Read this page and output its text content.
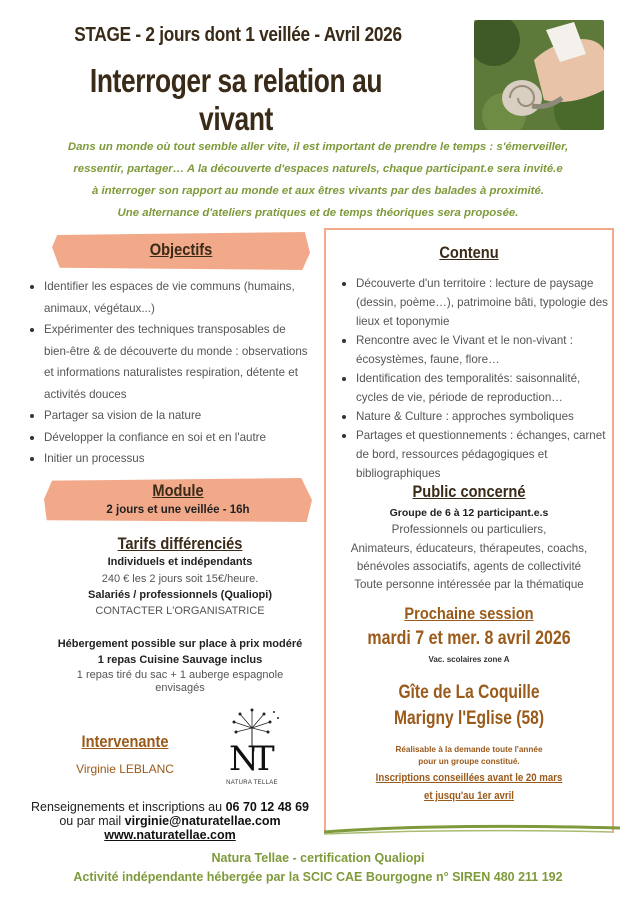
STAGE - 2 jours dont 1 veillée - Avril 2026
Interroger sa relation au vivant
Dans un monde où tout semble aller vite, il est important de prendre le temps : s'émerveiller,
ressentir, partager… A la découverte d'espaces naturels, chaque participant.e sera invité.e
à interroger son rapport au monde et aux êtres vivants par des balades à proximité.
Une alternance d'ateliers pratiques et de temps théoriques sera proposée.
Objectifs
Identifier les espaces de vie communs (humains, animaux, végétaux...)
Expérimenter des techniques transposables de bien-être & de découverte du monde : observations et informations naturalistes respiration, détente et activités douces
Partager sa vision de la nature
Développer la confiance en soi et en l'autre
Initier un processus
Module
2 jours et une veillée - 16h
Tarifs différenciés
Individuels et indépendants
240 € les 2 jours soit 15€/heure.
Salariés / professionnels (Qualiopi)
CONTACTER L'ORGANISATRICE
Hébergement possible sur place à prix modéré
1 repas Cuisine Sauvage inclus
1 repas tiré du sac + 1 auberge espagnole
envisagés
Contenu
Découverte d'un territoire : lecture de paysage (dessin, poème…), patrimoine bâti, typologie des lieux et toponymie
Rencontre avec le Vivant et le non-vivant : écosystèmes, faune, flore…
Identification des temporalités: saisonnalité, cycles de vie, période de reproduction…
Nature & Culture : approches symboliques
Partages et questionnements : échanges, carnet de bord, ressources pédagogiques et bibliographiques
Public concerné
Groupe de 6 à 12 participant.e.s
Professionnels ou particuliers,
Animateurs, éducateurs, thérapeutes, coachs,
bénévoles associatifs, agents de collectivité
Toute personne intéressée par la thématique
Prochaine session
mardi 7 et mer. 8 avril 2026
Vac. scolaires zone A
Gîte de La Coquille
Marigny l'Eglise (58)
Réalisable à la demande toute l'année
pour un groupe constitué.
Inscriptions conseillées avant le 20 mars
et jusqu'au 1er avril
Intervenante
Virginie LEBLANC	N
T
NATURA TELLAE
Renseignements et inscriptions au 06 70 12 48 69
ou par mail virginie@naturatellae.com
www.naturatellae.com
Natura Tellae - certification Qualiopi
Activité indépendante hébergée par la SCIC CAE Bourgogne n° SIREN 480 211 192
